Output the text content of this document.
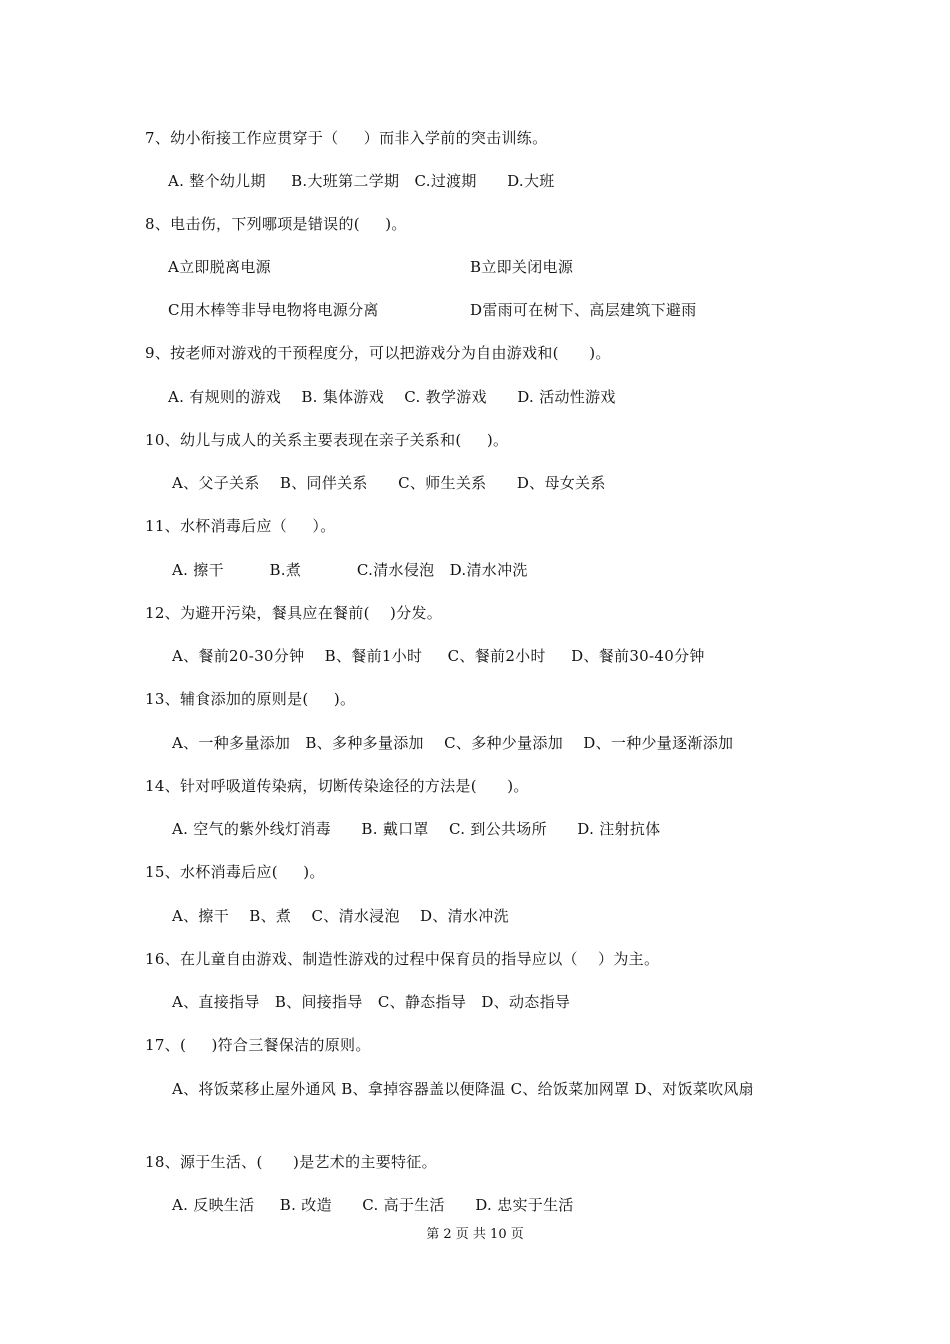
7、幼小衔接工作应贯穿于（     ）而非入学前的突击训练。
A. 整个幼儿期     B.大班第二学期   C.过渡期      D.大班
8、电击伤，下列哪项是错误的(     )。
A立即脱离电源	B立即关闭电源
C用木棒等非导电物将电源分离	D雷雨可在树下、高层建筑下避雨
9、按老师对游戏的干预程度分，可以把游戏分为自由游戏和(      )。
A. 有规则的游戏    B. 集体游戏    C. 教学游戏      D. 活动性游戏
10、幼儿与成人的关系主要表现在亲子关系和(     )。
A、父子关系    B、同伴关系      C、师生关系      D、母女关系
11、水杯消毒后应（     ）。
A. 擦干         B.煮           C.清水侵泡   D.清水冲洗
12、为避开污染，餐具应在餐前(    )分发。
A、餐前20-30分钟    B、餐前1小时     C、餐前2小时     D、餐前30-40分钟
13、辅食添加的原则是(     )。
A、一种多量添加   B、多种多量添加    C、多种少量添加    D、一种少量逐渐添加
14、针对呼吸道传染病，切断传染途径的方法是(      )。
A. 空气的紫外线灯消毒      B. 戴口罩    C. 到公共场所      D. 注射抗体
15、水杯消毒后应(     )。
A、擦干    B、煮    C、清水浸泡    D、清水冲洗
16、在儿童自由游戏、制造性游戏的过程中保育员的指导应以（    ）为主。
A、直接指导   B、间接指导   C、静态指导   D、动态指导
17、(     )符合三餐保洁的原则。
A、将饭菜移止屋外通风 B、拿掉容器盖以便降温 C、给饭菜加网罩 D、对饭菜吹风扇
18、源于生活、(      )是艺术的主要特征。
A. 反映生活     B. 改造      C. 高于生活      D. 忠实于生活
第 2 页 共 10 页
